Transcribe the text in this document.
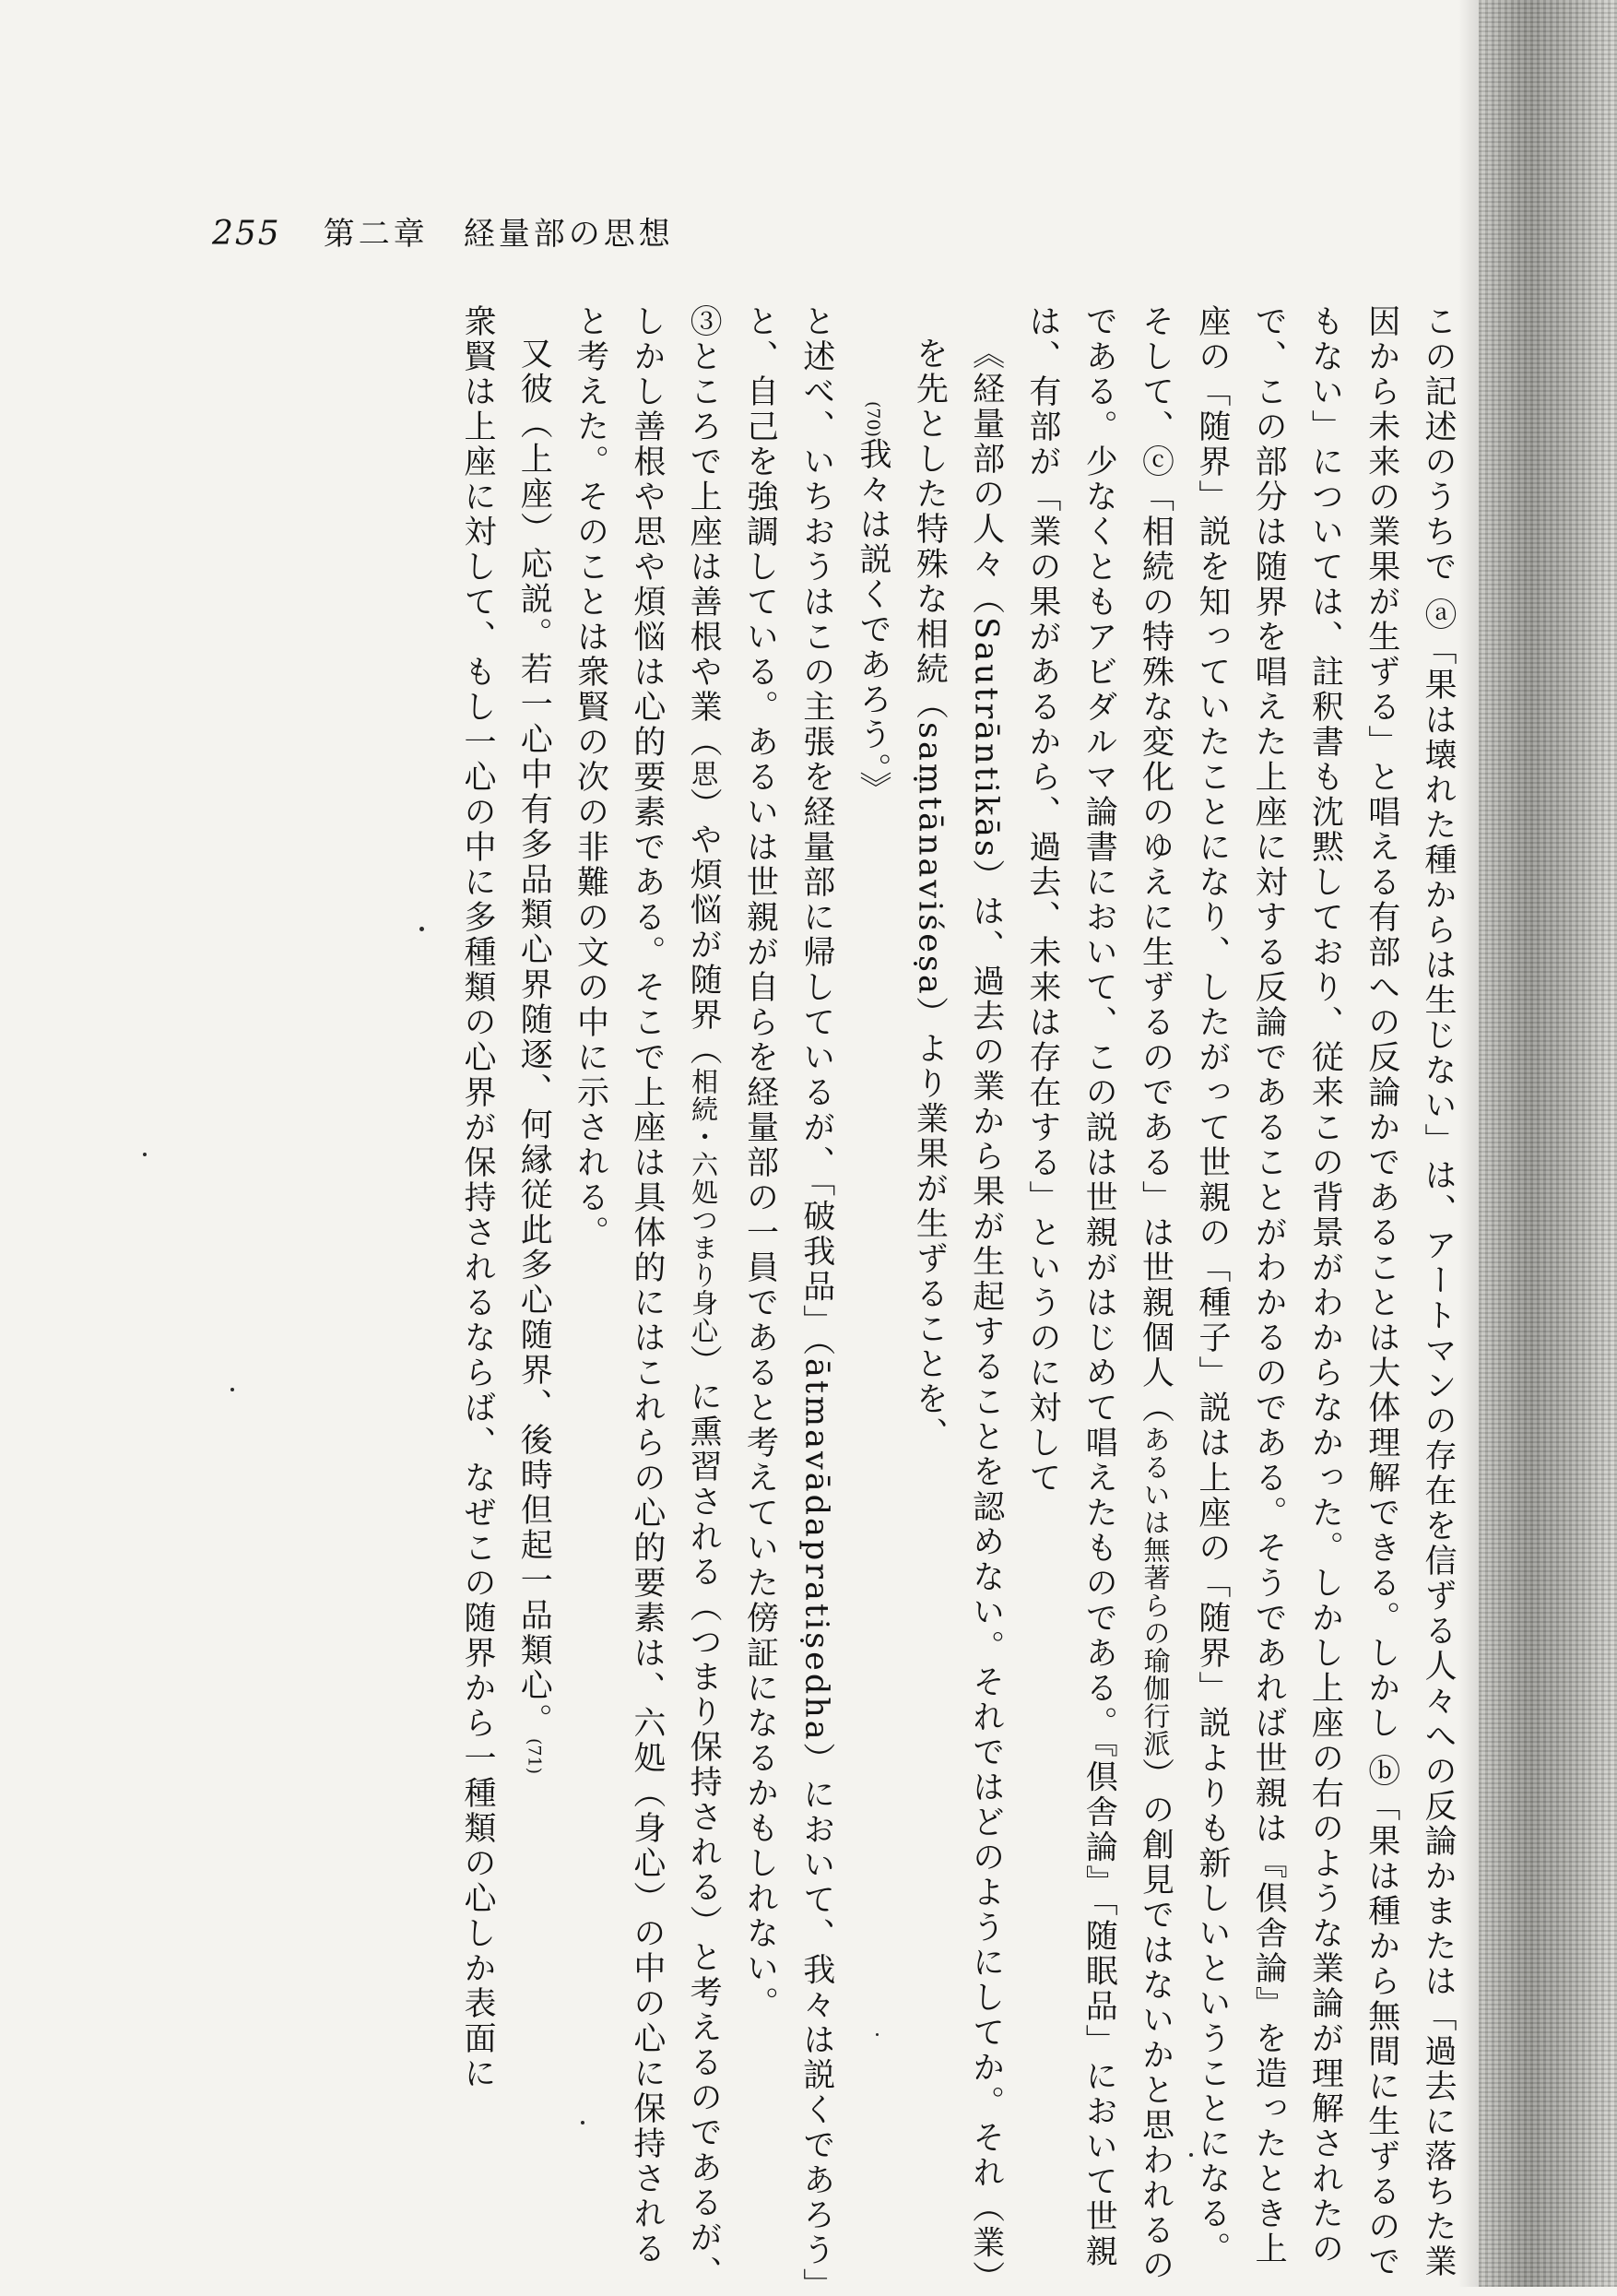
255 第二章　経量部の思想

この記述のうちで ⓐ「果は壊れた種からは生じない」は、アートマンの存在を信ずる人々への反論かまたは「過去に落ちた業因から未来の業果が生ずる」と唱える有部への反論かであることは大体理解できる。しかし ⓑ「果は種から無間に生ずるのでもない」については、註釈書も沈黙しており、従来この背景がわからなかった。しかし上座の右のような業論が理解されたので、この部分は随界を唱えた上座に対する反論であることがわかるのである。そうであれば世親は『倶舎論』を造ったとき上座の「随界」説を知っていたことになり、したがって世親の「種子」説は上座の「随界」説よりも新しいということになる。そして、ⓒ「相続の特殊な変化のゆえに生ずるのである」は世親個人（あるいは無著らの瑜伽行派）の創見ではないかと思われるのである。少なくともアビダルマ論書において、この説は世親がはじめて唱えたものである。『倶舎論』「随眠品」において世親は、有部が「業の果があるから、過去、未来は存在する」というのに対して

《経量部の人々（Sautrāntikās）は、過去の業から果が生起することを認めない。それではどのようにしてか。それ（業）を先とした特殊な相続（saṃtānaviśeṣa）より業果が生ずることを、

(70)我々は説くであろう。》

と述べ、いちおうはこの主張を経量部に帰しているが、「破我品」（ātmavādapratiṣedha）において、我々は説くであろう」と、自己を強調している。あるいは世親が自らを経量部の一員であると考えていた傍証になるかもしれない。

③ところで上座は善根や業（思）や煩悩が随界（相続・六処つまり身心）に熏習される（つまり保持される）と考えるのであるが、しかし善根や思や煩悩は心的要素である。そこで上座は具体的にはこれらの心的要素は、六処（身心）の中の心に保持されると考えた。そのことは衆賢の次の非難の文の中に示される。

又彼（上座）応説。若一心中有多品類心界随逐、何縁従此多心随界、後時但起一品類心。(71)

衆賢は上座に対して、もし一心の中に多種類の心界が保持されるならば、なぜこの随界から一種類の心しか表面に
